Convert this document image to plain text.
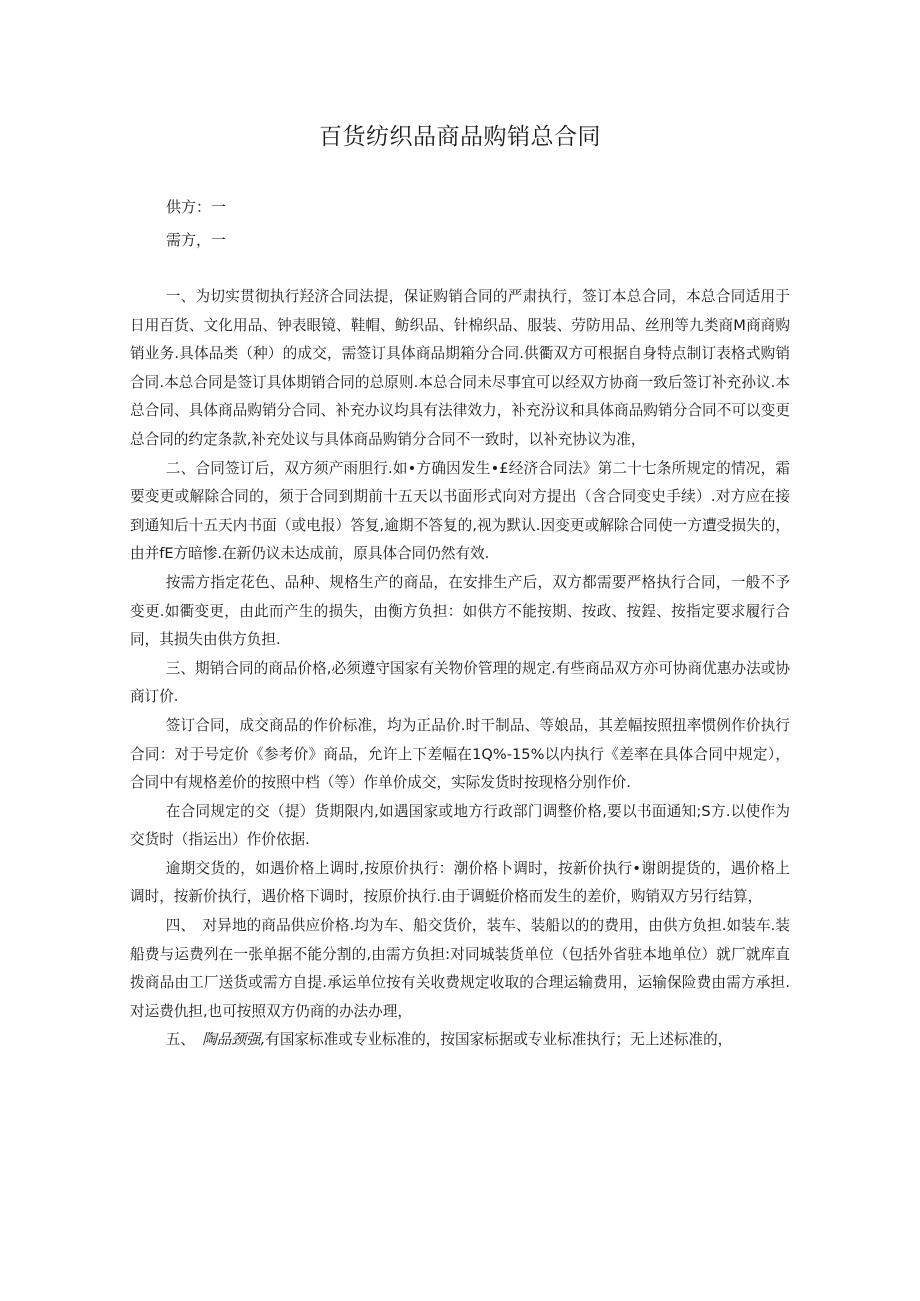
百货纺织品商品购销总合同

供方：一

需方，一

一、为切实贯彻执行羟济合同法提，保证购销合同的严肃执行，签订本总合同，本总合同适用于日用百货、文化用品、钟表眼镜、鞋帽、鲂织品、针棉织品、服装、劳防用品、丝刑等九类商M商商购销业务.具体品类（种）的成交，需签订具体商品期箱分合同.供衢双方可根据自身特点制订表格式购销合同.本总合同是签订具体期销合同的总原则.本总合同未尽事宜可以经双方协商一致后签订补充孙议.本总合同、具体商品购销分合同、补充办议均具有法律效力，补充汾议和具体商品购销分合同不可以变更总合同的约定条款,补充处议与具体商品购销分合同不一致时，以补充协议为准，

二、合同签订后，双方须产雨胆行.如•方确因发生•£经济合同法》第二十七条所规定的情况，霜要变更或解除合同的，须于合同到期前十五天以书面形式向对方提出（含合同变史手续）.对方应在接到通知后十五天内书面（或电报）答复,逾期不答复的,视为默认.因变更或解除合同使一方遭受损失的，由并fE方暗惨.在新仍议未达成前，原具体合同仍然有效.

按需方指定花色、品种、规格生产的商品，在安排生产后，双方都需要严格执行合同，一般不予变更.如衢变更，由此而产生的损失，由衡方负担：如供方不能按期、按政、按鋥、按指定要求履行合同，其损失由供方负担.

三、期销合同的商品价格,必须遵守国家有关物价管理的规定.有些商品双方亦可协商优惠办法或协商订价.

签订合同，成交商品的作价标准，均为正品价.时干制品、等娘品，其差幅按照扭率惯例作价执行合同：对于号定价《参考价》商品，允许上下差幅在1Q%-15%以内执行《差率在具体合同中规定），合同中有规格差价的按照中档（等）作单价成交，实际发货时按现格分别作价.

在合同规定的交（提）货期限内,如遇国家或地方行政部门调整价格,要以书面通知;S方.以使作为交货时（指运出）作价依据.

逾期交货的，如遇价格上调时,按原价执行：潮价格卜调时，按新价执行•谢朗提货的，遇价格上调时，按新价执行，遇价格下调时，按原价执行.由于调蜓价格而发生的差价，购销双方另行结算，

四、　对异地的商品供应价格.均为车、船交货价，装车、装船以的的费用，由供方负担.如装车.装船费与运费列在一张单据不能分割的,由需方负担:对同城装货单位（包括外省驻本地单位）就厂就库直拨商品由工厂送货或需方自提.承运单位按有关收费规定收取的合理运输费用，运输保险费由需方承担.对运费仇担,也可按照双方仍商的办法办理，

五、　陶品颈强,有国家标准或专业标准的，按国家标据或专业标准执行；无上述标准的，
